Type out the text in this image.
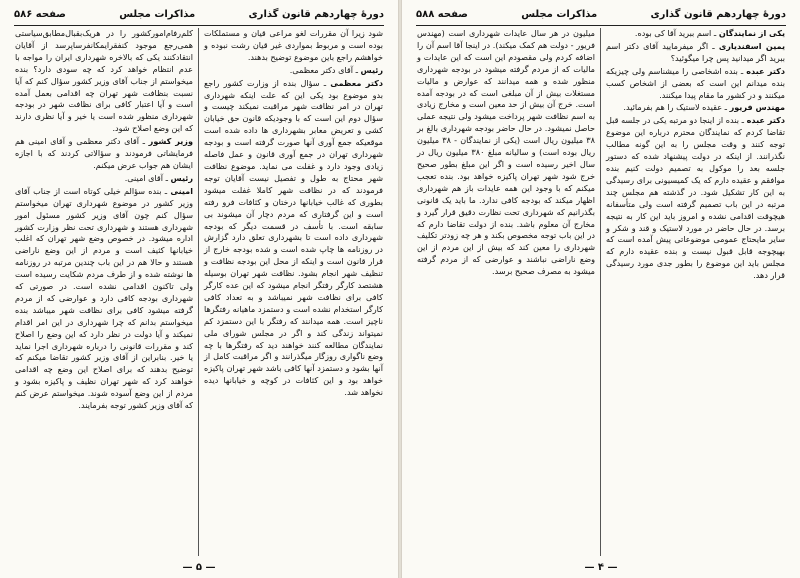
دورۀ چهاردهم قانون گذاری
مذاکرات مجلس
صفحه ۵۸۶

شود زیرا آن مقررات لغو مراعی قیان و مستملکات بوده است و مربوط بمواردی غیر قیان رشت نبوده و خواهشم راجع باین موضوع توضیح بدهند.

رئیس ـ آقای دکتر معظمی.

دکتر معظمی ـ سؤال بنده از وزارت کشور راجع بدو موضوع بود یکی این که علت اینکه شهرداری تهران در امر نظافت شهر مراقبت نمیکند چیست و سؤال دوم این است که با وجودیکه قانون حق خیابان کشی و تعریض معابر بشهرداری ها داده شده است موقعیکه جمع آوری آنها صورت گرفته است و بودجه شهرداری تهران در جمع آوری قانون و عمل فاصله زیادی وجود دارد و غفلت می نماید. موضوع نظافت شهر محتاج به طول و تفصیل نیست آقایان توجه فرمودند که در نظافت شهر کاملا غفلت میشود بطوری که غالب خیابانها درختان و کثافات فرو رفته است و این گرفتاری که مردم دچار آن میشوند بی سابقه است. با تأسف در قسمت دیگر که بودجه شهرداری داده است تا بشهرداری تعلق دارد گزارش در روزنامه ها چاپ شده است و شده بودجه خارج از قرار قانون است و اینکه از محل این بودجه نظافت و تنظیف شهر انجام بشود. نظافت شهر تهران بوسیله هشتصد کارگر رفتگر انجام میشود که این عده کارگر کافی برای نظافت شهر نمیباشد و به تعداد کافی کارگر استخدام نشده است و دستمزد ماهیانه رفتگرها ناچیز است. همه میدانند که رفتگر با این دستمزد کم نمیتواند زندگی کند و اگر در مجلس شورای ملی نمایندگان مطالعه کنند خواهند دید که رفتگرها با چه وضع ناگواری روزگار میگذرانند و اگر مراقبت کامل از آنها بشود و دستمزد آنها کافی باشد شهر تهران پاکیزه خواهد بود و این کثافات در کوچه و خیابانها دیده نخواهد شد.

کلم‌رفام‌امور‌کشور را در هریک‌بقبال‌مطابق‌سیاستی‌ همی‌رجع‌ موجود کنفقرایمکانفرسا‌پرسد از آقایان‌ انتقادکنند یکی که بالاخره شهرداری ایران را مواجه با عدم انتظام خواهد کرد که چه سودی دارد؟ بنده میخواستم از جناب آقای وزیر کشور سؤال کنم که آیا نسبت بنظافت شهر تهران چه اقدامی بعمل آمده است و آیا اعتبار کافی برای نظافت شهر در بودجه شهرداری منظور شده است یا خیر و آیا نظری دارند که این وضع اصلاح شود.

وزیر کشور ـ آقای دکتر معظمی و آقای امینی هم فرمایشاتی فرمودند و سؤالاتی کردند که با اجازه ایشان هم جواب عرض میکنم.

رئیس ـ آقای امینی.

امینی ـ بنده سؤالم خیلی کوتاه است از جناب آقای وزیر کشور در موضوع شهرداری تهران میخواستم سؤال کنم چون آقای وزیر کشور مسئول امور شهرداری هستند و شهرداری تحت نظر وزارت کشور اداره میشود. در خصوص وضع شهر تهران که اغلب خیابانها کثیف است و مردم از این وضع ناراضی هستند و حالا هم در این باب چندین مرتبه در روزنامه ها نوشته شده و از طرف مردم شکایت رسیده است ولی تاکنون اقدامی نشده است. در صورتی که شهرداری بودجه کافی دارد و عوارضی که از مردم گرفته میشود کافی برای نظافت شهر میباشد بنده میخواستم بدانم که چرا شهرداری در این امر اقدام نمیکند و آیا دولت در نظر دارد که این وضع را اصلاح کند و مقررات قانونی را درباره شهرداری اجرا نماید یا خیر. بنابراین از آقای وزیر کشور تقاضا میکنم که توضیح بدهند که برای اصلاح این وضع چه اقدامی خواهند کرد که شهر تهران نظیف و پاکیزه بشود و مردم از این وضع آسوده شوند. میخواستم عرض کنم که آقای وزیر کشور توجه بفرمایند.

— ۵ —
دورۀ چهاردهم قانون گذاری
مذاکرات مجلس
صفحه ۵۸۸

یکی از نمایندگان ـ اسم ببرید آقا کی بوده.

یمین اسفندیاری ـ اگر میفرمایید آقای دکتر اسم ببرید اگر میدانید پس چرا میگوئید؟

دکتر عبده ـ بنده اشخاصی را میشناسم ولی چیزیکه بنده میدانم این است که بعضی از اشخاص کسب میکنند و در کشور ما مقام پیدا میکنند.

مهندس فریور ـ عقیده لاستیک را هم بفرمائید.

دکتر عبده ـ بنده از اینجا دو مرتبه یکی در جلسه قبل تقاضا کردم که نمایندگان محترم درباره این موضوع توجه کنند و وقت مجلس را به این گونه مطالب نگذرانند. از اینکه در دولت پیشنهاد شده که دستور جلسه بعد را موکول به تصمیم دولت کنیم بنده موافقم و عقیده دارم که یک کمیسیونی برای رسیدگی به این کار تشکیل شود. در گذشته هم مجلس چند مرتبه در این باب تصمیم گرفته است ولی متأسفانه هیچوقت اقدامی نشده و امروز باید این کار به نتیجه برسد. در حال حاضر در مورد لاستیک و قند و شکر و سایر مایحتاج عمومی موضوعاتی پیش آمده است که بهیچوجه قابل قبول نیست و بنده عقیده دارم که مجلس باید این موضوع را بطور جدی مورد رسیدگی قرار دهد.

میلیون در هر سال عایدات شهرداری است (مهندس فریور - دولت هم کمک میکند). در اینجا آقا اسم آن را اضافه کردم ولی مقصودم این است که این عایدات و مالیات که از مردم گرفته میشود در بودجه شهرداری منظور شده و همه میدانند که عوارض و مالیات مستغلات بیش از آن مبلغی است که در بودجه آمده است. خرج آن بیش از حد معین است و مخارج زیادی به اسم نظافت شهر پرداخت میشود ولی نتیجه عملی حاصل نمیشود. در حال حاضر بودجه شهرداری بالغ بر ۳۸ میلیون ریال است (یکی از نمایندگان - ۳۸ میلیون ریال بوده است) و سالیانه مبلغ ۳۸۰ میلیون ریال در سال اخیر رسیده است و اگر این مبلغ بطور صحیح خرج شود شهر تهران پاکیزه خواهد بود. بنده تعجب میکنم که با وجود این همه عایدات باز هم شهرداری اظهار میکند که بودجه کافی ندارد. ما باید یک قانونی بگذرانیم که شهرداری تحت نظارت دقیق قرار گیرد و مخارج آن معلوم باشد. بنده از دولت تقاضا دارم که در این باب توجه مخصوص بکند و هر چه زودتر تکلیف شهرداری را معین کند که بیش از این مردم از این وضع ناراضی نباشند و عوارضی که از مردم گرفته میشود به مصرف صحیح برسد.

— ۴ —
